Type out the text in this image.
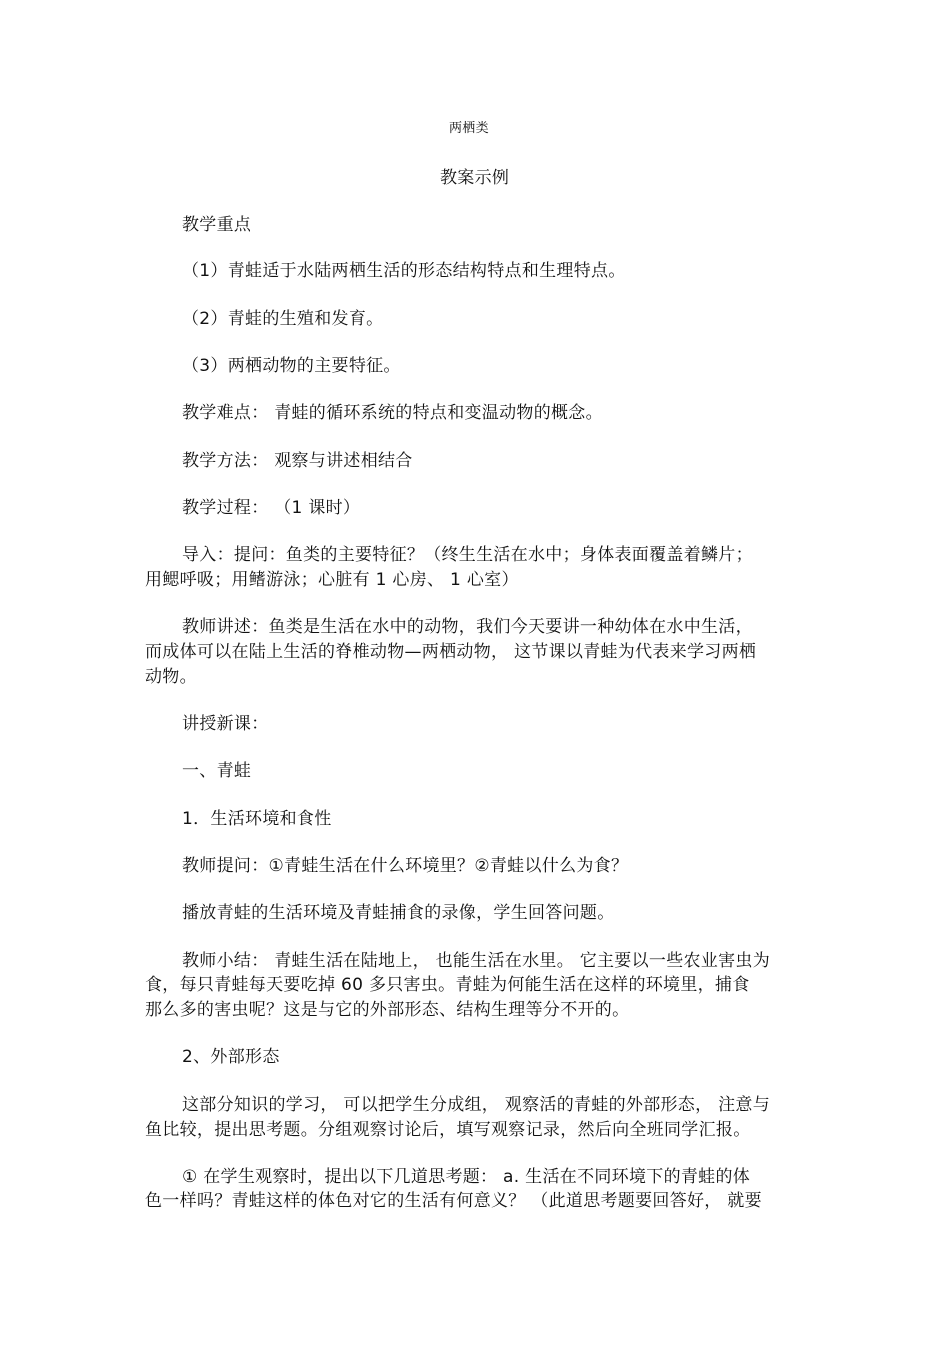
两栖类
教案示例
教学重点
（1）青蛙适于水陆两栖生活的形态结构特点和生理特点。
（2）青蛙的生殖和发育。
（3）两栖动物的主要特征。
教学难点： 青蛙的循环系统的特点和变温动物的概念。
教学方法： 观察与讲述相结合
教学过程： （1 课时）
导入：提问：鱼类的主要特征？（终生生活在水中；身体表面覆盖着鳞片；
用鳃呼吸；用鳍游泳；心脏有 1 心房、 1 心室）
教师讲述：鱼类是生活在水中的动物，我们今天要讲一种幼体在水中生活，
而成体可以在陆上生活的脊椎动物—两栖动物， 这节课以青蛙为代表来学习两栖
动物。
讲授新课：
一、青蛙
1．生活环境和食性
教师提问：①青蛙生活在什么环境里？②青蛙以什么为食？
播放青蛙的生活环境及青蛙捕食的录像，学生回答问题。
教师小结： 青蛙生活在陆地上， 也能生活在水里。 它主要以一些农业害虫为
食，每只青蛙每天要吃掉 60 多只害虫。青蛙为何能生活在这样的环境里，捕食
那么多的害虫呢？这是与它的外部形态、结构生理等分不开的。
2、外部形态
这部分知识的学习， 可以把学生分成组， 观察活的青蛙的外部形态， 注意与
鱼比较，提出思考题。分组观察讨论后，填写观察记录，然后向全班同学汇报。
① 在学生观察时，提出以下几道思考题： a. 生活在不同环境下的青蛙的体
色一样吗？青蛙这样的体色对它的生活有何意义？ （此道思考题要回答好， 就要
